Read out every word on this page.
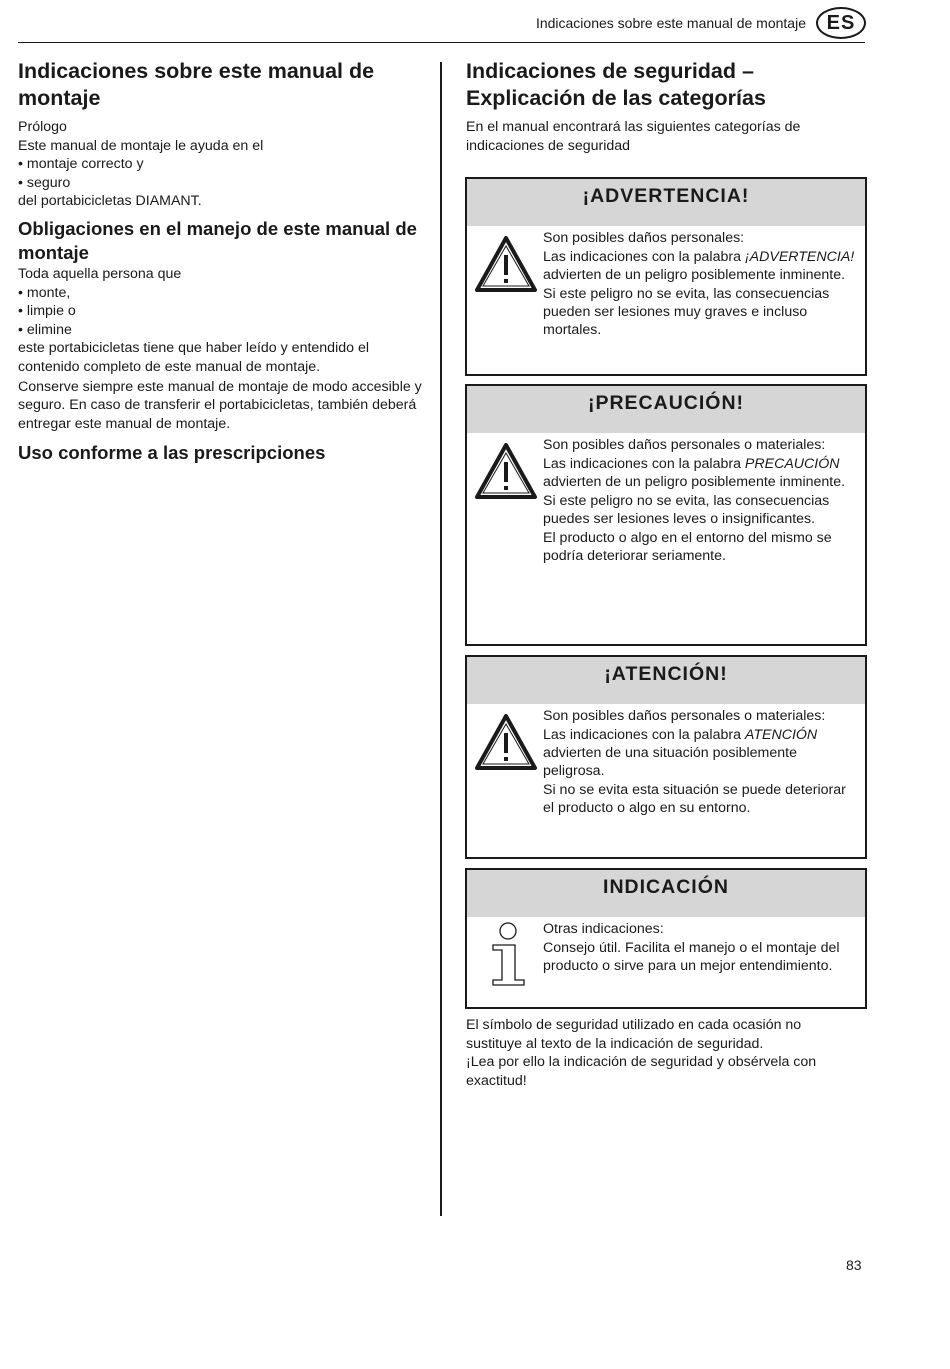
Indicaciones sobre este manual de montaje	ES
Indicaciones sobre este manual de montaje

Prólogo

Este manual de montaje le ayuda en el

• montaje correcto y

• seguro

del portabicicletas DIAMANT.

Obligaciones en el manejo de este manual de montaje

Toda aquella persona que

• monte,

• limpie o

• elimine

este portabicicletas tiene que haber leído y entendido el contenido completo de este manual de montaje.

Conserve siempre este manual de montaje de modo accesible y seguro. En caso de transferir el portabicicletas, también deberá entregar este manual de montaje.

Uso conforme a las prescripciones
Indicaciones de seguridad – Explicación de las categorías

En el manual encontrará las siguientes categorías de indicaciones de seguridad

¡ADVERTENCIA!

Son posibles daños personales:

Las indicaciones con la palabra ¡ADVERTENCIA! advierten de un peligro posiblemente inminente.

Si este peligro no se evita, las consecuencias pueden ser lesiones muy graves e incluso mortales.

¡PRECAUCIÓN!

Son posibles daños personales o materiales:

Las indicaciones con la palabra PRECAUCIÓN advierten de un peligro posiblemente inminente.

Si este peligro no se evita, las consecuencias puedes ser lesiones leves o insignificantes.

El producto o algo en el entorno del mismo se podría deteriorar seriamente.

¡ATENCIÓN!

Son posibles daños personales o materiales:

Las indicaciones con la palabra ATENCIÓN advierten de una situación posiblemente peligrosa.

Si no se evita esta situación se puede deteriorar el producto o algo en su entorno.

INDICACIÓN

Otras indicaciones:

Consejo útil. Facilita el manejo o el montaje del producto o sirve para un mejor entendimiento.

El símbolo de seguridad utilizado en cada ocasión no sustituye al texto de la indicación de seguridad.

¡Lea por ello la indicación de seguridad y obsérvela con exactitud!

83
